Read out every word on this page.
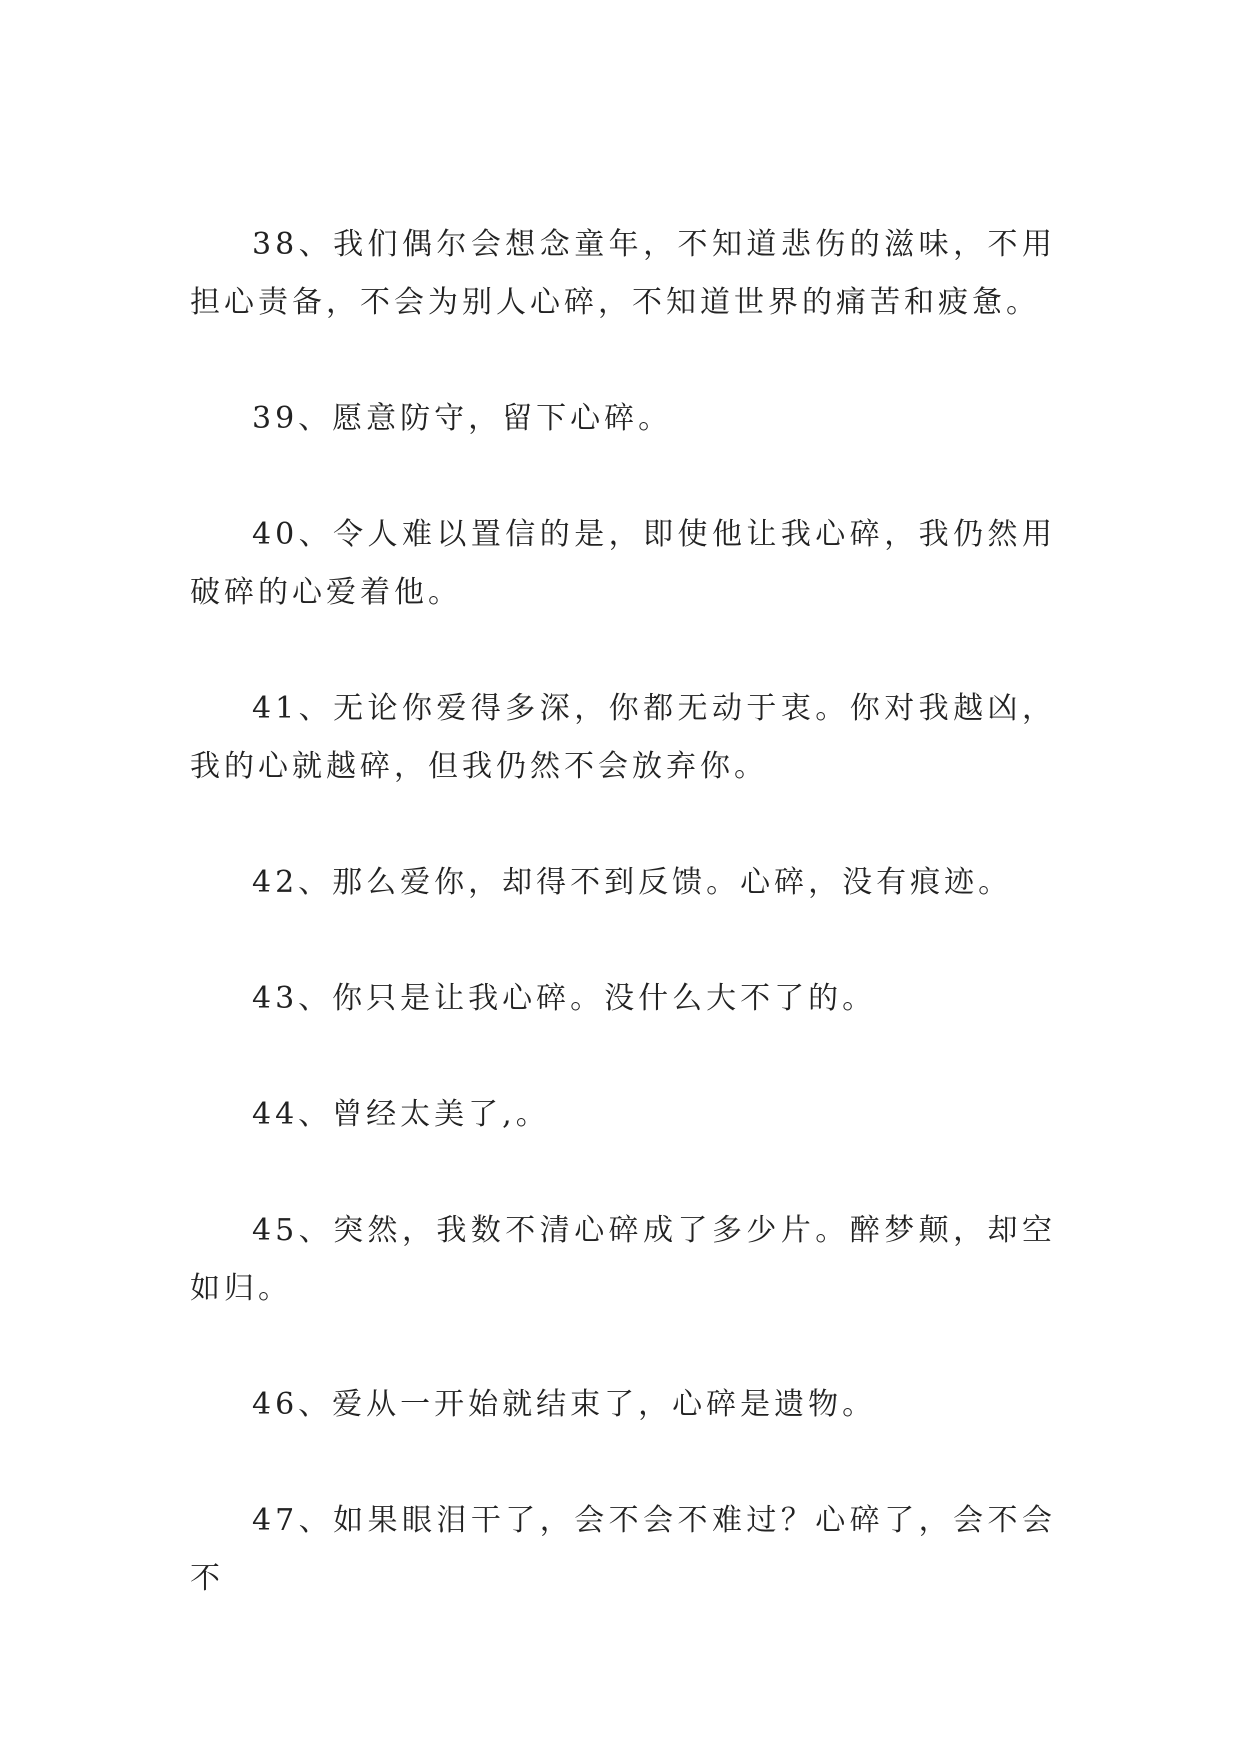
38、我们偶尔会想念童年，不知道悲伤的滋味，不用担心责备，不会为别人心碎，不知道世界的痛苦和疲惫。

39、愿意防守，留下心碎。

40、令人难以置信的是，即使他让我心碎，我仍然用破碎的心爱着他。

41、无论你爱得多深，你都无动于衷。你对我越凶，我的心就越碎，但我仍然不会放弃你。

42、那么爱你，却得不到反馈。心碎，没有痕迹。

43、你只是让我心碎。没什么大不了的。

44、曾经太美了,。

45、突然，我数不清心碎成了多少片。醉梦颠，却空如归。

46、爱从一开始就结束了，心碎是遗物。

47、如果眼泪干了，会不会不难过？心碎了，会不会不
